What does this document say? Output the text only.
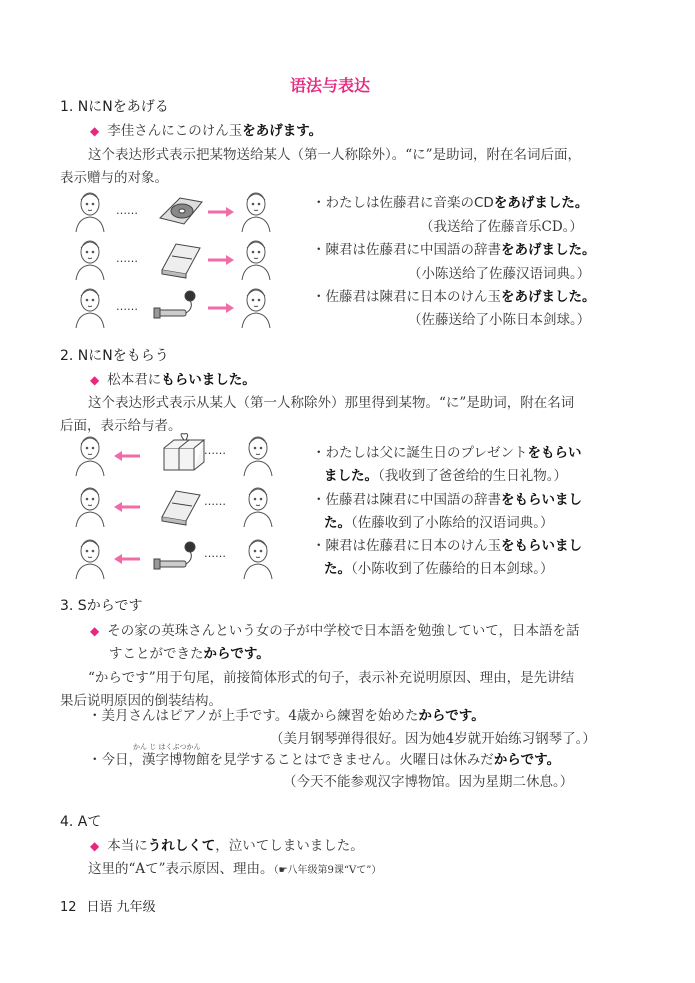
语法与表达
1. NにNをあげる
◆ 李佳さんにこのけん玉をあげます。
这个表达形式表示把某物送给某人（第一人称除外）。“に”是助词，附在名词后面，
表示赠与的对象。
……
……
……
・わたしは佐藤君に音楽のCDをあげました。
（我送给了佐藤音乐CD。）
・陳君は佐藤君に中国語の辞書をあげました。
（小陈送给了佐藤汉语词典。）
・佐藤君は陳君に日本のけん玉をあげました。
（佐藤送给了小陈日本剑球。）
2. NにNをもらう
◆ 松本君にもらいました。
这个表达形式表示从某人（第一人称除外）那里得到某物。“に”是助词，附在名词
后面，表示给与者。
……
……
……
・わたしは父に誕生日のプレゼントをもらい
ました。（我收到了爸爸给的生日礼物。）
・佐藤君は陳君に中国語の辞書をもらいまし
た。（佐藤收到了小陈给的汉语词典。）
・陳君は佐藤君に日本のけん玉をもらいまし
た。（小陈收到了佐藤给的日本剑球。）
3. Sからです
◆ その家の英珠さんという女の子が中学校で日本語を勉強していて，日本語を話
すことができたからです。
“からです”用于句尾，前接简体形式的句子，表示补充说明原因、理由，是先讲结
果后说明原因的倒装结构。
・美月さんはピアノが上手です。4歳から練習を始めたからです。
（美月钢琴弹得很好。因为她4岁就开始练习钢琴了。）
かん じ はくぶつかん
・今日，漢字博物館を見学することはできません。火曜日は休みだからです。
（今天不能参观汉字博物馆。因为星期二休息。）
4. Aて
◆ 本当にうれしくて，泣いてしまいました。
这里的“Aて”表示原因、理由。（☛八年级第9课“Vて”）
12 日语 九年级
